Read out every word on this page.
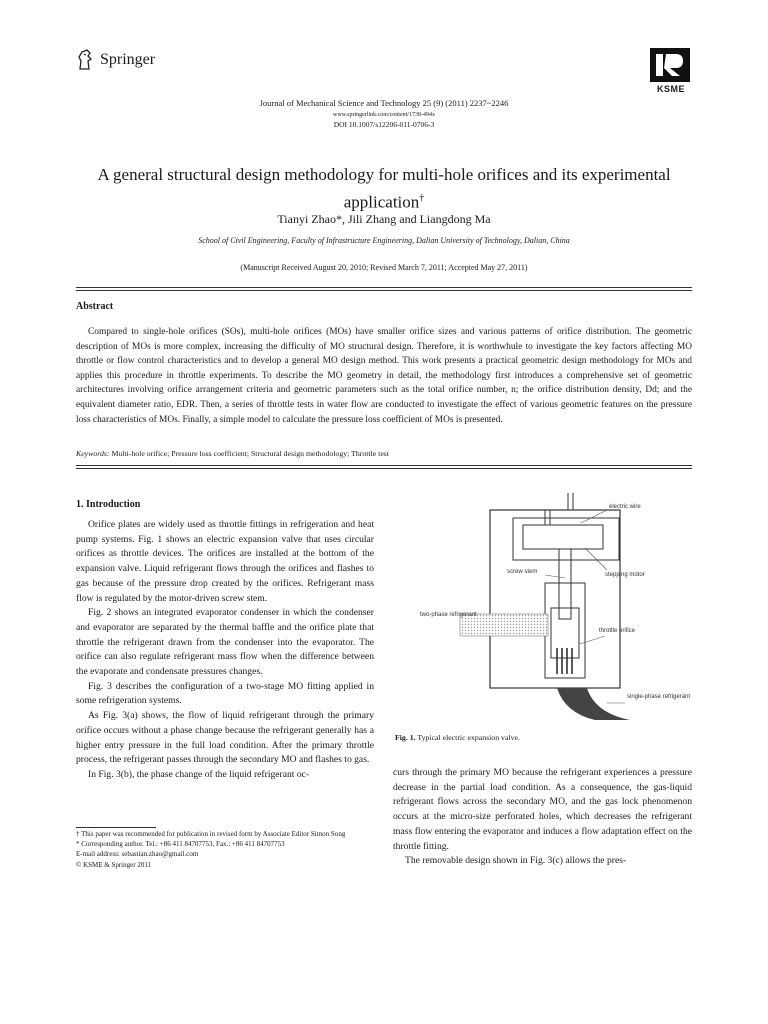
Springer
KSME
Journal of Mechanical Science and Technology 25 (9) (2011) 2237~2246
www.springerlink.com/content/1738-494x
DOI 10.1007/s12206-011-0706-3
A general structural design methodology for multi-hole orifices and its experimental application†
Tianyi Zhao*, Jili Zhang and Liangdong Ma
School of Civil Engineering, Faculty of Infrastructure Engineering, Dalian University of Technology, Dalian, China
(Manuscript Received August 20, 2010; Revised March 7, 2011; Accepted May 27, 2011)
Abstract
Compared to single-hole orifices (SOs), multi-hole orifices (MOs) have smaller orifice sizes and various patterns of orifice distribution. The geometric description of MOs is more complex, increasing the difficulty of MO structural design. Therefore, it is worthwhule to investigate the key factors affecting MO throttle or flow control characteristics and to develop a general MO design method. This work presents a practical geometric design methodology for MOs and applies this procedure in throttle experiments. To describe the MO geometry in detail, the methodology first introduces a comprehensive set of geometric architectures involving orifice arrangement criteria and geometric parameters such as the total orifice number, n; the orifice distribution density, Dd; and the equivalent diameter ratio, EDR. Then, a series of throttle tests in water flow are conducted to investigate the effect of various geometric features on the pressure loss characteristics of MOs. Finally, a simple model to calculate the pressure loss coefficient of MOs is presented.
Keywords: Multi-hole orifice; Pressure loss coefficient; Structural design methodology; Throttle test
1. Introduction

Orifice plates are widely used as throttle fittings in refrigeration and heat pump systems. Fig. 1 shows an electric expansion valve that uses circular orifices as throttle devices. The orifices are installed at the bottom of the expansion valve. Liquid refrigerant flows through the orifices and flashes to gas because of the pressure drop created by the orifices. Refrigerant mass flow is regulated by the motor-driven screw stem.

Fig. 2 shows an integrated evaporator condenser in which the condenser and evaporator are separated by the thermal baffle and the orifice plate that throttle the refrigerant drawn from the condenser into the evaporator. The orifice can also regulate refrigerant mass flow when the difference between the evaporate and condensate pressures changes.

Fig. 3 describes the configuration of a two-stage MO fitting applied in some refrigeration systems.

As Fig. 3(a) shows, the flow of liquid refrigerant through the primary orifice occurs without a phase change because the refrigerant generally has a higher entry pressure in the full load condition. After the primary throttle process, the refrigerant passes through the secondary MO and flashes to gas.

In Fig. 3(b), the phase change of the liquid refrigerant oc-

† This paper was recommended for publication in revised form by Associate Editor Simon Song
* Corresponding author. Tel.: +86 411 84707753, Fax.: +86 411 84707753
E-mail address: sebastian.zhao@gmail.com
© KSME & Springer 2011
electric wire
stepping motor
screw stem
two-phase refrigerant
throttle orifice
single-phase refrigerant
Fig. 1. Typical electric expansion valve.

curs through the primary MO because the refrigerant experiences a pressure decrease in the partial load condition. As a consequence, the gas-liquid refrigerant flows across the secondary MO, and the gas lock phenomenon occurs at the micro-size perforated holes, which decreases the refrigerant mass flow entering the evaporator and induces a flow adaptation effect on the throttle fitting.

The removable design shown in Fig. 3(c) allows the pres-
